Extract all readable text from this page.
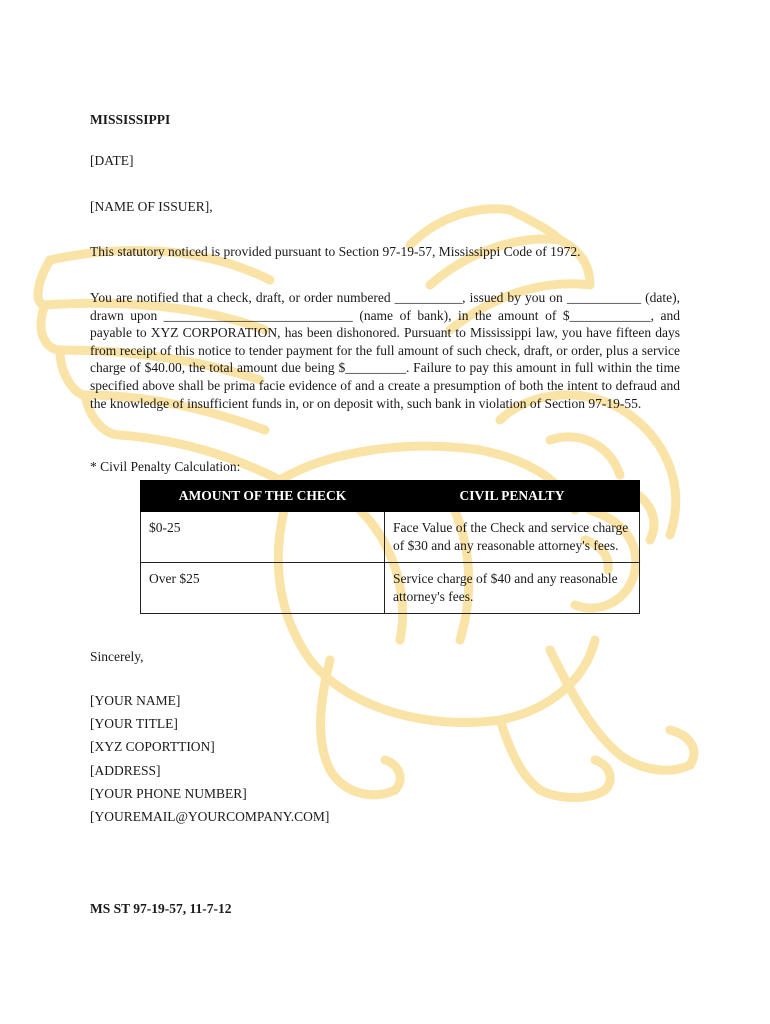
MISSISSIPPI

[DATE]

[NAME OF ISSUER],

This statutory noticed is provided pursuant to Section 97-19-57, Mississippi Code of 1972.

You are notified that a check, draft, or order numbered __________, issued by you on ___________ (date), drawn upon ____________________________ (name of bank), in the amount of $____________, and payable to XYZ CORPORATION, has been dishonored. Pursuant to Mississippi law, you have fifteen days from receipt of this notice to tender payment for the full amount of such check, draft, or order, plus a service charge of $40.00, the total amount due being $_________. Failure to pay this amount in full within the time specified above shall be prima facie evidence of and a create a presumption of both the intent to defraud and the knowledge of insufficient funds in, or on deposit with, such bank in violation of Section 97-19-55.

* Civil Penalty Calculation:

AMOUNT OF THE CHECK	CIVIL PENALTY
$0-25	Face Value of the Check and service charge of $30 and any reasonable attorney's fees.
Over $25	Service charge of $40 and any reasonable attorney's fees.

Sincerely,

[YOUR NAME]
[YOUR TITLE]
[XYZ COPORTTION]
[ADDRESS]
[YOUR PHONE NUMBER]
[YOUREMAIL@YOURCOMPANY.COM]

MS ST 97-19-57, 11-7-12
